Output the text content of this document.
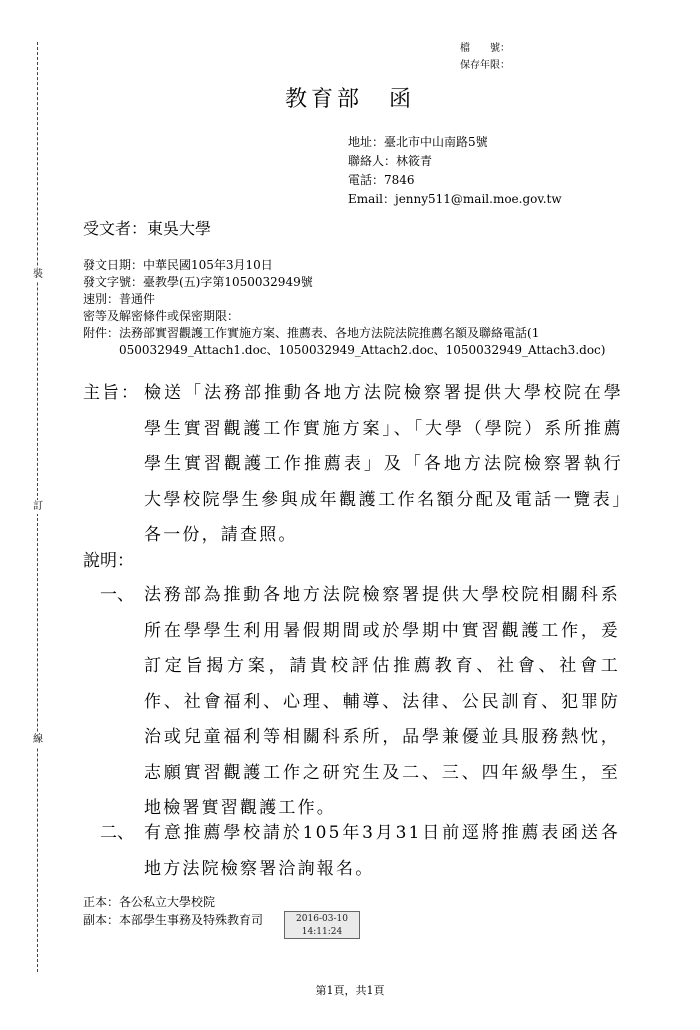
裝
訂
線
檔　　號：
保存年限：
教育部　函
地址：臺北市中山南路5號
聯絡人：林筱青
電話：7846
Email：jenny511@mail.moe.gov.tw
受文者：東吳大學
發文日期：中華民國105年3月10日
發文字號：臺教學(五)字第1050032949號
速別：普通件
密等及解密條件或保密期限：
附件： 法務部實習觀護工作實施方案、推薦表、各地方法院法院推薦名額及聯絡電話(1
050032949_Attach1.doc、1050032949_Attach2.doc、1050032949_Attach3.doc)
主旨： 檢送「法務部推動各地方法院檢察署提供大學校院在學學生實習觀護工作實施方案」、「大學（學院）系所推薦學生實習觀護工作推薦表」及「各地方法院檢察署執行大學校院學生參與成年觀護工作名額分配及電話一覽表」各一份，請查照。
說明：
一、 法務部為推動各地方法院檢察署提供大學校院相關科系所在學學生利用暑假期間或於學期中實習觀護工作，爰訂定旨揭方案，請貴校評估推薦教育、社會、社會工作、社會福利、心理、輔導、法律、公民訓育、犯罪防治或兒童福利等相關科系所，品學兼優並具服務熱忱，志願實習觀護工作之研究生及二、三、四年級學生，至地檢署實習觀護工作。
二、 有意推薦學校請於105年3月31日前逕將推薦表函送各地方法院檢察署洽詢報名。
正本：各公私立大學校院
副本：本部學生事務及特殊教育司	2016-03-10
14:11:24
第1頁，共1頁
